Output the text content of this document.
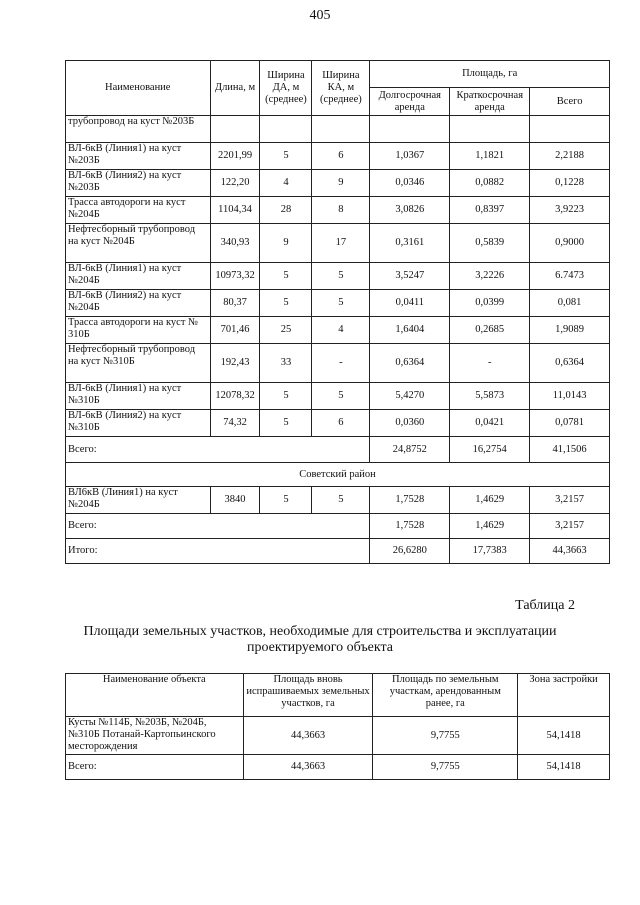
405
Наименование	Длина, м	Ширина ДА, м (среднее)	Ширина КА, м (среднее)	Площадь, га		
				Долгосрочная аренда	Краткосрочная аренда	Всего
трубопровод на куст №203Б						
ВЛ-6кВ (Линия1) на куст №203Б	2201,99	5	6	1,0367	1,1821	2,2188
ВЛ-6кВ (Линия2) на куст №203Б	122,20	4	9	0,0346	0,0882	0,1228
Трасса автодороги на куст №204Б	1104,34	28	8	3,0826	0,8397	3,9223
Нефтесборный трубопровод на куст №204Б	340,93	9	17	0,3161	0,5839	0,9000
ВЛ-6кВ (Линия1) на куст №204Б	10973,32	5	5	3,5247	3,2226	6.7473
ВЛ-6кВ (Линия2) на куст №204Б	80,37	5	5	0,0411	0,0399	0,081
Трасса автодороги на куст № 310Б	701,46	25	4	1,6404	0,2685	1,9089
Нефтесборный трубопровод на куст №310Б	192,43	33	-	0,6364	-	0,6364
ВЛ-6кВ (Линия1) на куст №310Б	12078,32	5	5	5,4270	5,5873	11,0143
ВЛ-6кВ (Линия2) на куст №310Б	74,32	5	6	0,0360	0,0421	0,0781
Всего:				24,8752	16,2754	41,1506
Советский район						
ВЛ6кВ (Линия1) на куст №204Б	3840	5	5	1,7528	1,4629	3,2157
Всего:				1,7528	1,4629	3,2157
Итого:				26,6280	17,7383	44,3663
Таблица 2
Площади земельных участков, необходимые для строительства и эксплуатации проектируемого объекта
Наименование объекта	Площадь вновь испрашиваемых земельных участков, га	Площадь по земельным участкам, арендованным ранее, га	Зона застройки
Кусты №114Б, №203Б, №204Б, №310Б Потанай-Картопьинского месторождения	44,3663	9,7755	54,1418
Всего:	44,3663	9,7755	54,1418
